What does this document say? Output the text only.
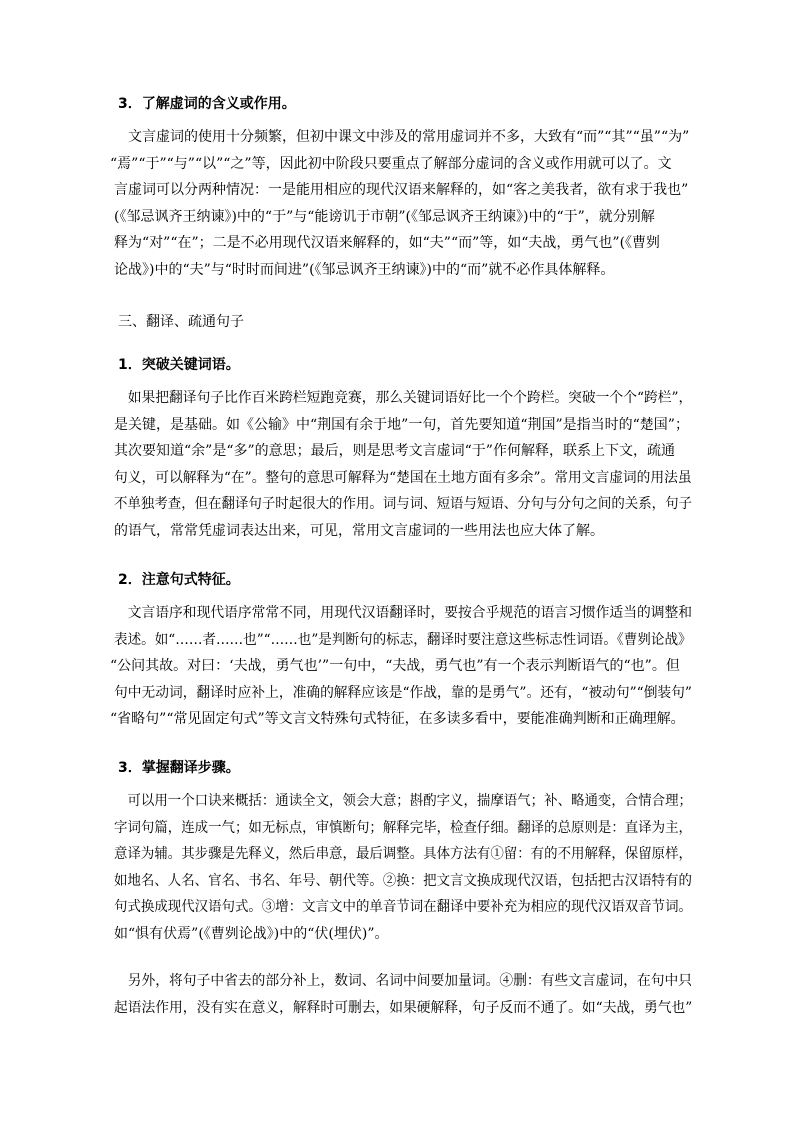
3．了解虚词的含义或作用。
　文言虚词的使用十分频繁，但初中课文中涉及的常用虚词并不多，大致有“而”“其”“虽”“为”
“焉”“于”“与”“以”“之”等，因此初中阶段只要重点了解部分虚词的含义或作用就可以了。文
言虚词可以分两种情况：一是能用相应的现代汉语来解释的，如“客之美我者，欲有求于我也”
(《邹忌讽齐王纳谏》)中的“于”与“能谤讥于市朝”(《邹忌讽齐王纳谏》)中的“于”，就分别解
释为“对”“在”；二是不必用现代汉语来解释的，如“夫”“而”等，如“夫战，勇气也”(《曹刿
论战》)中的“夫”与“时时而间进”(《邹忌讽齐王纳谏》)中的“而”就不必作具体解释。
三、翻译、疏通句子
1．突破关键词语。
　如果把翻译句子比作百米跨栏短跑竞赛，那么关键词语好比一个个跨栏。突破一个个“跨栏”，
是关键，是基础。如《公输》中“荆国有余于地”一句，首先要知道“荆国”是指当时的“楚国”；
其次要知道“余”是“多”的意思；最后，则是思考文言虚词“于”作何解释，联系上下文，疏通
句义，可以解释为“在”。整句的意思可解释为“楚国在土地方面有多余”。常用文言虚词的用法虽
不单独考查，但在翻译句子时起很大的作用。词与词、短语与短语、分句与分句之间的关系，句子
的语气，常常凭虚词表达出来，可见，常用文言虚词的一些用法也应大体了解。
2．注意句式特征。
　文言语序和现代语序常常不同，用现代汉语翻译时，要按合乎规范的语言习惯作适当的调整和
表述。如“……者……也”“……也”是判断句的标志，翻译时要注意这些标志性词语。《曹刿论战》
“公问其故。对曰：‘夫战，勇气也’”一句中，“夫战，勇气也”有一个表示判断语气的“也”。但
句中无动词，翻译时应补上，准确的解释应该是“作战，靠的是勇气”。还有，“被动句”“倒装句”
“省略句”“常见固定句式”等文言文特殊句式特征，在多读多看中，要能准确判断和正确理解。
3．掌握翻译步骤。
　可以用一个口诀来概括：通读全文，领会大意；斟酌字义，揣摩语气；补、略通变，合情合理；
字词句篇，连成一气；如无标点，审慎断句；解释完毕，检查仔细。翻译的总原则是：直译为主，
意译为辅。其步骤是先释义，然后串意，最后调整。具体方法有①留：有的不用解释，保留原样，
如地名、人名、官名、书名、年号、朝代等。②换：把文言文换成现代汉语，包括把古汉语特有的
句式换成现代汉语句式。③增：文言文中的单音节词在翻译中要补充为相应的现代汉语双音节词。
如“惧有伏焉”(《曹刿论战》)中的“伏(埋伏)”。
　另外，将句子中省去的部分补上，数词、名词中间要加量词。④删：有些文言虚词，在句中只
起语法作用，没有实在意义，解释时可删去，如果硬解释，句子反而不通了。如“夫战，勇气也”
